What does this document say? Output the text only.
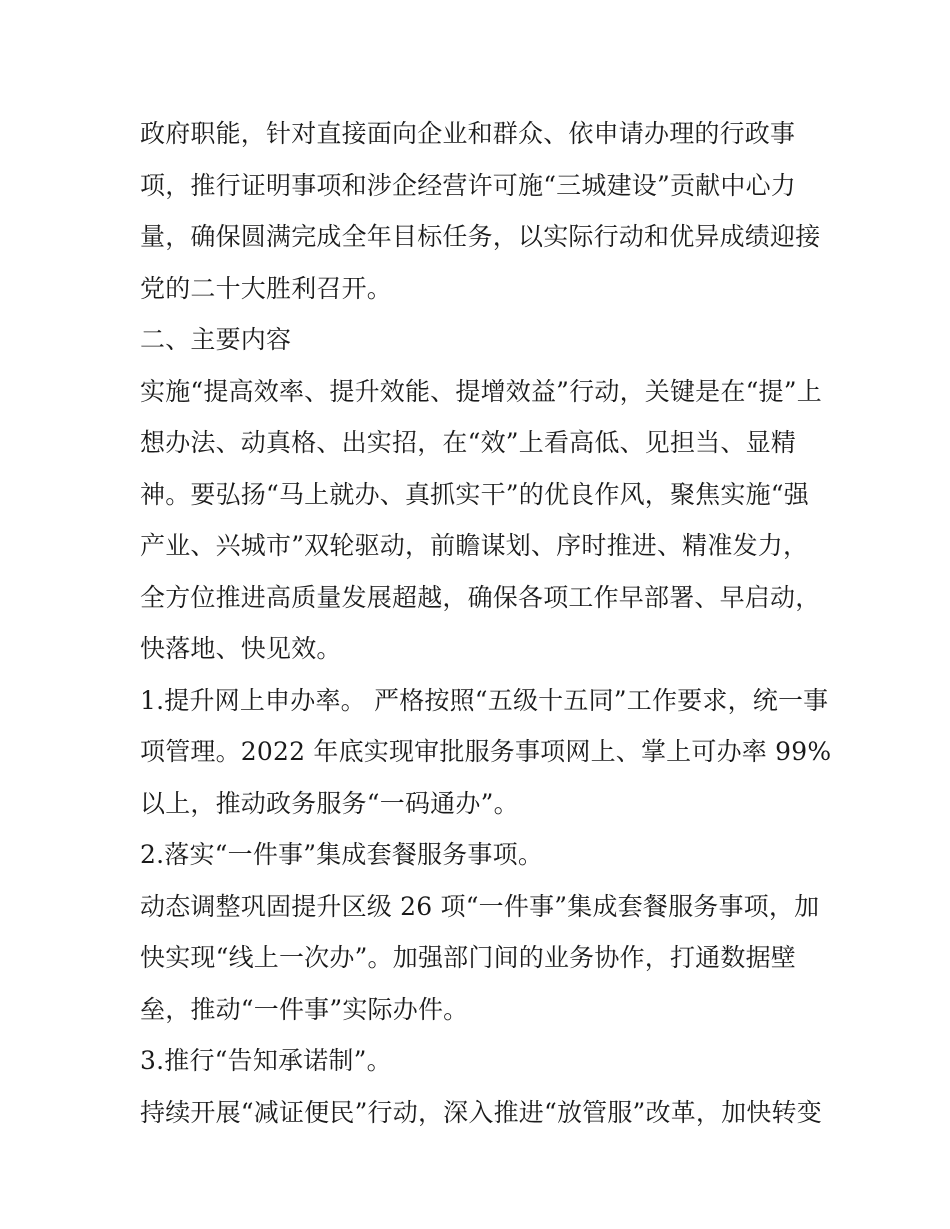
政府职能，针对直接面向企业和群众、依申请办理的行政事
项，推行证明事项和涉企经营许可施“三城建设”贡献中心力
量，确保圆满完成全年目标任务，以实际行动和优异成绩迎接
党的二十大胜利召开。
二、主要内容
实施“提高效率、提升效能、提增效益”行动，关键是在“提”上
想办法、动真格、出实招，在“效”上看高低、见担当、显精
神。要弘扬“马上就办、真抓实干”的优良作风，聚焦实施“强
产业、兴城市”双轮驱动，前瞻谋划、序时推进、精准发力，
全方位推进高质量发展超越，确保各项工作早部署、早启动，
快落地、快见效。
1.提升网上申办率。 严格按照“五级十五同”工作要求，统一事
项管理。2022 年底实现审批服务事项网上、掌上可办率 99%
以上，推动政务服务“一码通办”。
2.落实“一件事”集成套餐服务事项。
动态调整巩固提升区级 26 项“一件事”集成套餐服务事项，加
快实现“线上一次办”。加强部门间的业务协作，打通数据壁
垒，推动“一件事”实际办件。
3.推行“告知承诺制”。
持续开展“减证便民”行动，深入推进“放管服”改革，加快转变
